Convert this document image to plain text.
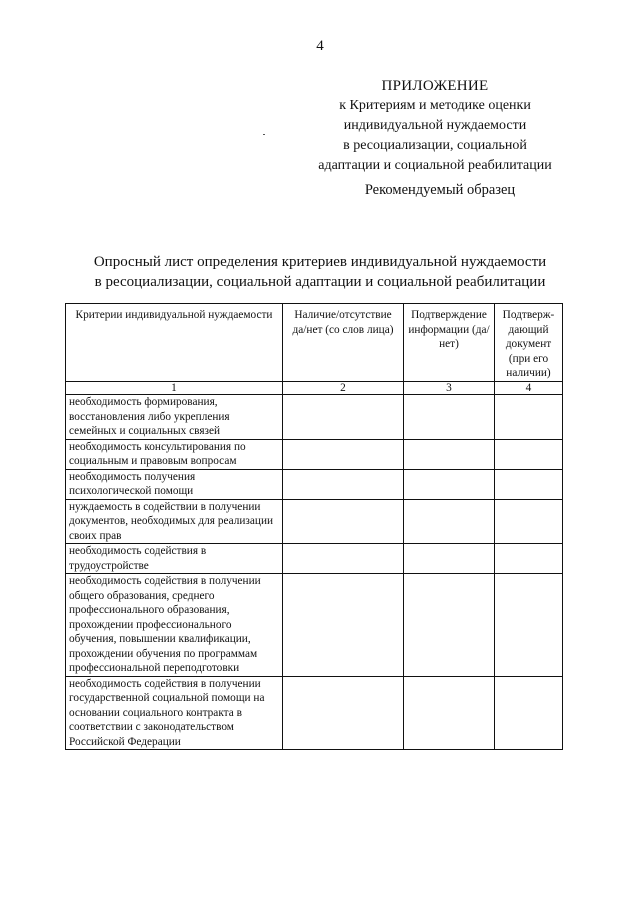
4
ПРИЛОЖЕНИЕ
к Критериям и методике оценки
индивидуальной нуждаемости
в ресоциализации, социальной
адаптации и социальной реабилитации
Рекомендуемый образец
Опросный лист определения критериев индивидуальной нуждаемости
в ресоциализации, социальной адаптации и социальной реабилитации
Критерии индивидуальной нуждаемости	Наличие/отсутствие да/нет (со слов лица)	Подтверждение информации (да/нет)	Подтверж-дающий документ (при его наличии)
1	2	3	4
необходимость формирования, восстановления либо укрепления семейных и социальных связей			
необходимость консультирования по социальным и правовым вопросам			
необходимость получения психологической помощи			
нуждаемость в содействии в получении документов, необходимых для реализации своих прав			
необходимость содействия в трудоустройстве			
необходимость содействия в получении общего образования, среднего профессионального образования, прохождении профессионального обучения, повышении квалификации, прохождении обучения по программам профессиональной переподготовки			
необходимость содействия в получении государственной социальной помощи на основании социального контракта в соответствии с законодательством Российской Федерации			
